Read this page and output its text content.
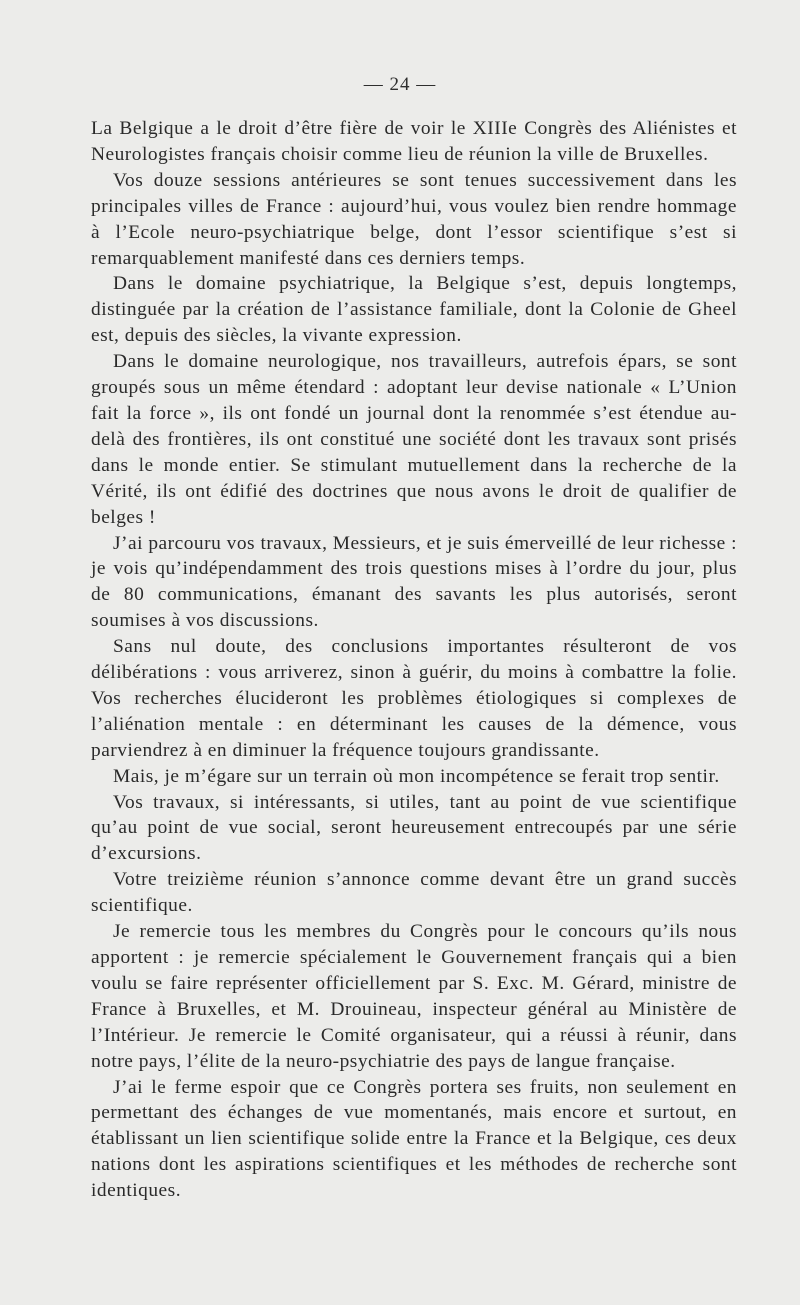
— 24 —

La Belgique a le droit d’être fière de voir le XIIIe Congrès des Aliénistes et Neurologistes français choisir comme lieu de réunion la ville de Bruxelles.

Vos douze sessions antérieures se sont tenues successivement dans les principales villes de France : aujourd’hui, vous voulez bien rendre hommage à l’Ecole neuro-psychiatrique belge, dont l’essor scientifique s’est si remarquablement manifesté dans ces derniers temps.

Dans le domaine psychiatrique, la Belgique s’est, depuis longtemps, distinguée par la création de l’assistance familiale, dont la Colonie de Gheel est, depuis des siècles, la vivante expression.

Dans le domaine neurologique, nos travailleurs, autrefois épars, se sont groupés sous un même étendard : adoptant leur devise nationale « L’Union fait la force », ils ont fondé un journal dont la renommée s’est étendue au-delà des frontières, ils ont constitué une société dont les travaux sont prisés dans le monde entier. Se stimulant mutuellement dans la recherche de la Vérité, ils ont édifié des doctrines que nous avons le droit de qualifier de belges !

J’ai parcouru vos travaux, Messieurs, et je suis émerveillé de leur richesse : je vois qu’indépendamment des trois questions mises à l’ordre du jour, plus de 80 communications, émanant des savants les plus autorisés, seront soumises à vos discussions.

Sans nul doute, des conclusions importantes résulteront de vos délibérations : vous arriverez, sinon à guérir, du moins à combattre la folie. Vos recherches élucideront les problèmes étiologiques si complexes de l’aliénation mentale : en déterminant les causes de la démence, vous parviendrez à en diminuer la fréquence toujours grandissante.

Mais, je m’égare sur un terrain où mon incompétence se ferait trop sentir.

Vos travaux, si intéressants, si utiles, tant au point de vue scientifique qu’au point de vue social, seront heureusement entrecoupés par une série d’excursions.

Votre treizième réunion s’annonce comme devant être un grand succès scientifique.

Je remercie tous les membres du Congrès pour le concours qu’ils nous apportent : je remercie spécialement le Gouvernement français qui a bien voulu se faire représenter officiellement par S. Exc. M. Gérard, ministre de France à Bruxelles, et M. Drouineau, inspecteur général au Ministère de l’Intérieur. Je remercie le Comité organisateur, qui a réussi à réunir, dans notre pays, l’élite de la neuro-psychiatrie des pays de langue française.

J’ai le ferme espoir que ce Congrès portera ses fruits, non seulement en permettant des échanges de vue momentanés, mais encore et surtout, en établissant un lien scientifique solide entre la France et la Belgique, ces deux nations dont les aspirations scientifiques et les méthodes de recherche sont identiques.
